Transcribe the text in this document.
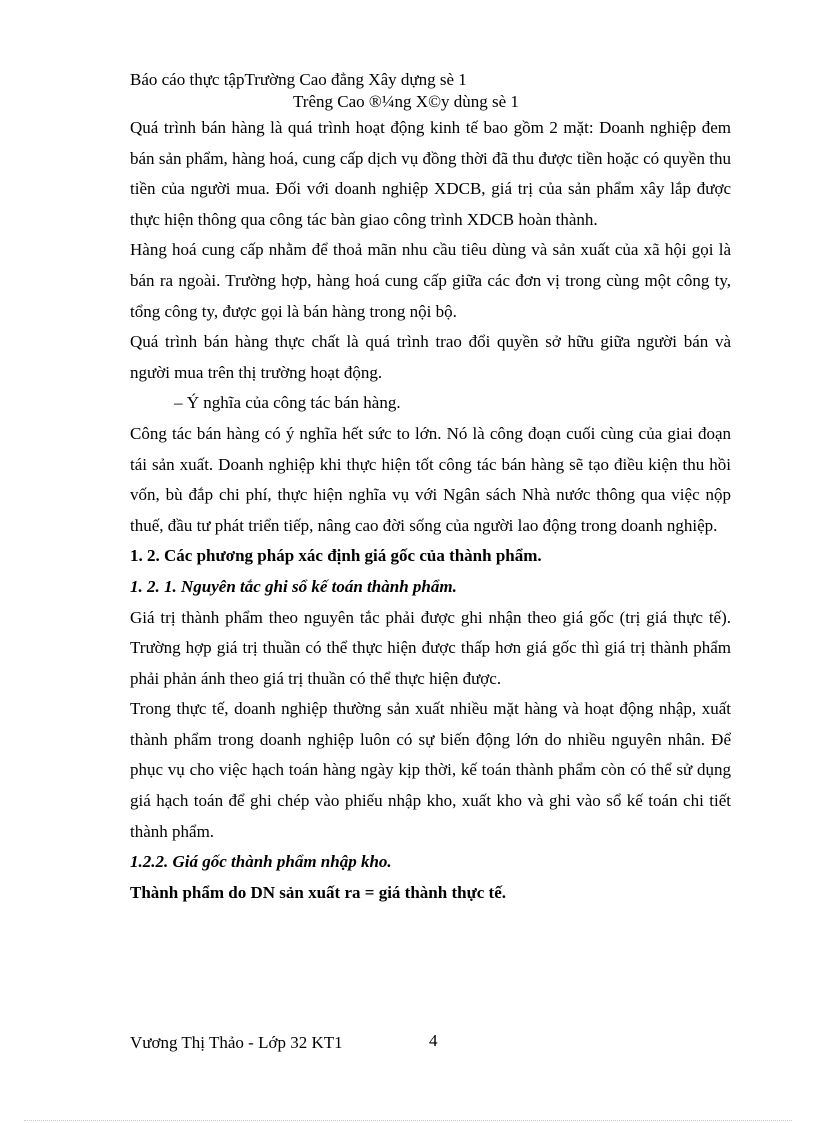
Báo cáo thực tậpTrường Cao đẳng Xây dựng sè 1
Trêng Cao ®¼ng X©y dùng sè 1

Quá trình bán hàng là quá trình hoạt động kinh tế bao gồm 2 mặt: Doanh nghiệp đem bán sản phẩm, hàng hoá, cung cấp dịch vụ đồng thời đã thu được tiền hoặc có quyền thu tiền của người mua. Đối với doanh nghiệp XDCB, giá trị của sản phẩm xây lắp được thực hiện thông qua công tác bàn giao công trình XDCB hoàn thành.

Hàng hoá cung cấp nhằm để thoả mãn nhu cầu tiêu dùng và sản xuất của xã hội gọi là bán ra ngoài. Trường hợp, hàng hoá cung cấp giữa các đơn vị trong cùng một công ty, tổng công ty, được gọi là bán hàng trong nội bộ.

Quá trình bán hàng thực chất là quá trình trao đổi quyền sở hữu giữa người bán và người mua trên thị trường hoạt động.

– Ý nghĩa của công tác bán hàng.

Công tác bán hàng có ý nghĩa hết sức to lớn. Nó là công đoạn cuối cùng của giai đoạn tái sản xuất. Doanh nghiệp khi thực hiện tốt công tác bán hàng sẽ tạo điều kiện thu hồi vốn, bù đắp chi phí, thực hiện nghĩa vụ với Ngân sách Nhà nước thông qua việc nộp thuế, đầu tư phát triển tiếp, nâng cao đời sống của người lao động trong doanh nghiệp.

1. 2. Các phương pháp xác định giá gốc của thành phẩm.

1. 2. 1. Nguyên tắc ghi sổ kế toán thành phẩm.

Giá trị thành phẩm theo nguyên tắc phải được ghi nhận theo giá gốc (trị giá thực tế). Trường hợp giá trị thuần có thể thực hiện được thấp hơn giá gốc thì giá trị thành phẩm phải phản ánh theo giá trị thuần có thể thực hiện được.

Trong thực tế, doanh nghiệp thường sản xuất nhiều mặt hàng và hoạt động nhập, xuất thành phẩm trong doanh nghiệp luôn có sự biến động lớn do nhiều nguyên nhân. Để phục vụ cho việc hạch toán hàng ngày kịp thời, kế toán thành phẩm còn có thể sử dụng giá hạch toán để ghi chép vào phiếu nhập kho, xuất kho và ghi vào sổ kế toán chi tiết thành phẩm.

1.2.2. Giá gốc thành phẩm nhập kho.

Thành phẩm do DN sản xuất ra = giá thành thực tế.

Vương Thị Thảo - Lớp 32 KT1	4
